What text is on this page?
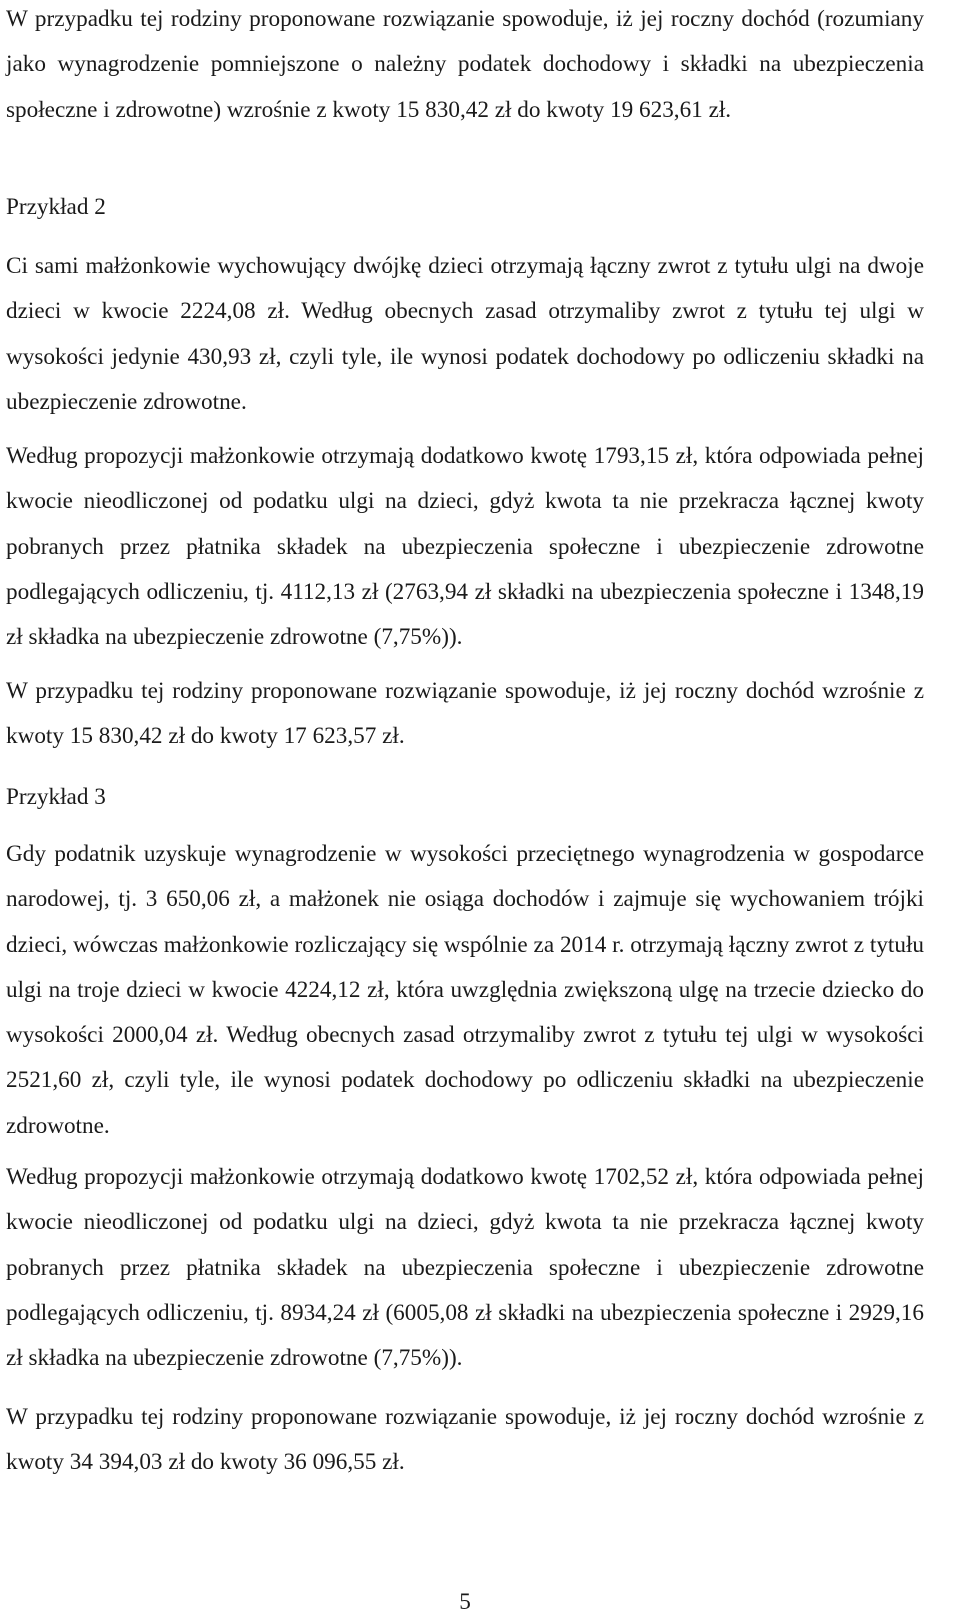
W przypadku tej rodziny proponowane rozwiązanie spowoduje, iż jej roczny dochód (rozumiany jako wynagrodzenie pomniejszone o należny podatek dochodowy i składki na ubezpieczenia społeczne i zdrowotne) wzrośnie z kwoty 15 830,42 zł do kwoty 19 623,61 zł.

Przykład 2

Ci sami małżonkowie wychowujący dwójkę dzieci otrzymają łączny zwrot z tytułu ulgi na dwoje dzieci w kwocie 2224,08 zł. Według obecnych zasad otrzymaliby zwrot z tytułu tej ulgi w wysokości jedynie 430,93 zł, czyli tyle, ile wynosi podatek dochodowy po odliczeniu składki na ubezpieczenie zdrowotne.

Według propozycji małżonkowie otrzymają dodatkowo kwotę 1793,15 zł, która odpowiada pełnej kwocie nieodliczonej od podatku ulgi na dzieci, gdyż kwota ta nie przekracza łącznej kwoty pobranych przez płatnika składek na ubezpieczenia społeczne i ubezpieczenie zdrowotne podlegających odliczeniu, tj. 4112,13 zł (2763,94 zł składki na ubezpieczenia społeczne i 1348,19 zł składka na ubezpieczenie zdrowotne (7,75%)).

W przypadku tej rodziny proponowane rozwiązanie spowoduje, iż jej roczny dochód wzrośnie z kwoty 15 830,42 zł do kwoty 17 623,57 zł.

Przykład 3

Gdy podatnik uzyskuje wynagrodzenie w wysokości przeciętnego wynagrodzenia w gospodarce narodowej, tj. 3 650,06 zł, a małżonek nie osiąga dochodów i zajmuje się wychowaniem trójki dzieci, wówczas małżonkowie rozliczający się wspólnie za 2014 r. otrzymają łączny zwrot z tytułu ulgi na troje dzieci w kwocie 4224,12 zł, która uwzględnia zwiększoną ulgę na trzecie dziecko do wysokości 2000,04 zł. Według obecnych zasad otrzymaliby zwrot z tytułu tej ulgi w wysokości 2521,60 zł, czyli tyle, ile wynosi podatek dochodowy po odliczeniu składki na ubezpieczenie zdrowotne.

Według propozycji małżonkowie otrzymają dodatkowo kwotę 1702,52 zł, która odpowiada pełnej kwocie nieodliczonej od podatku ulgi na dzieci, gdyż kwota ta nie przekracza łącznej kwoty pobranych przez płatnika składek na ubezpieczenia społeczne i ubezpieczenie zdrowotne podlegających odliczeniu, tj. 8934,24 zł (6005,08 zł składki na ubezpieczenia społeczne i 2929,16 zł składka na ubezpieczenie zdrowotne (7,75%)).

W przypadku tej rodziny proponowane rozwiązanie spowoduje, iż jej roczny dochód wzrośnie z kwoty 34 394,03 zł do kwoty 36 096,55 zł.

5
